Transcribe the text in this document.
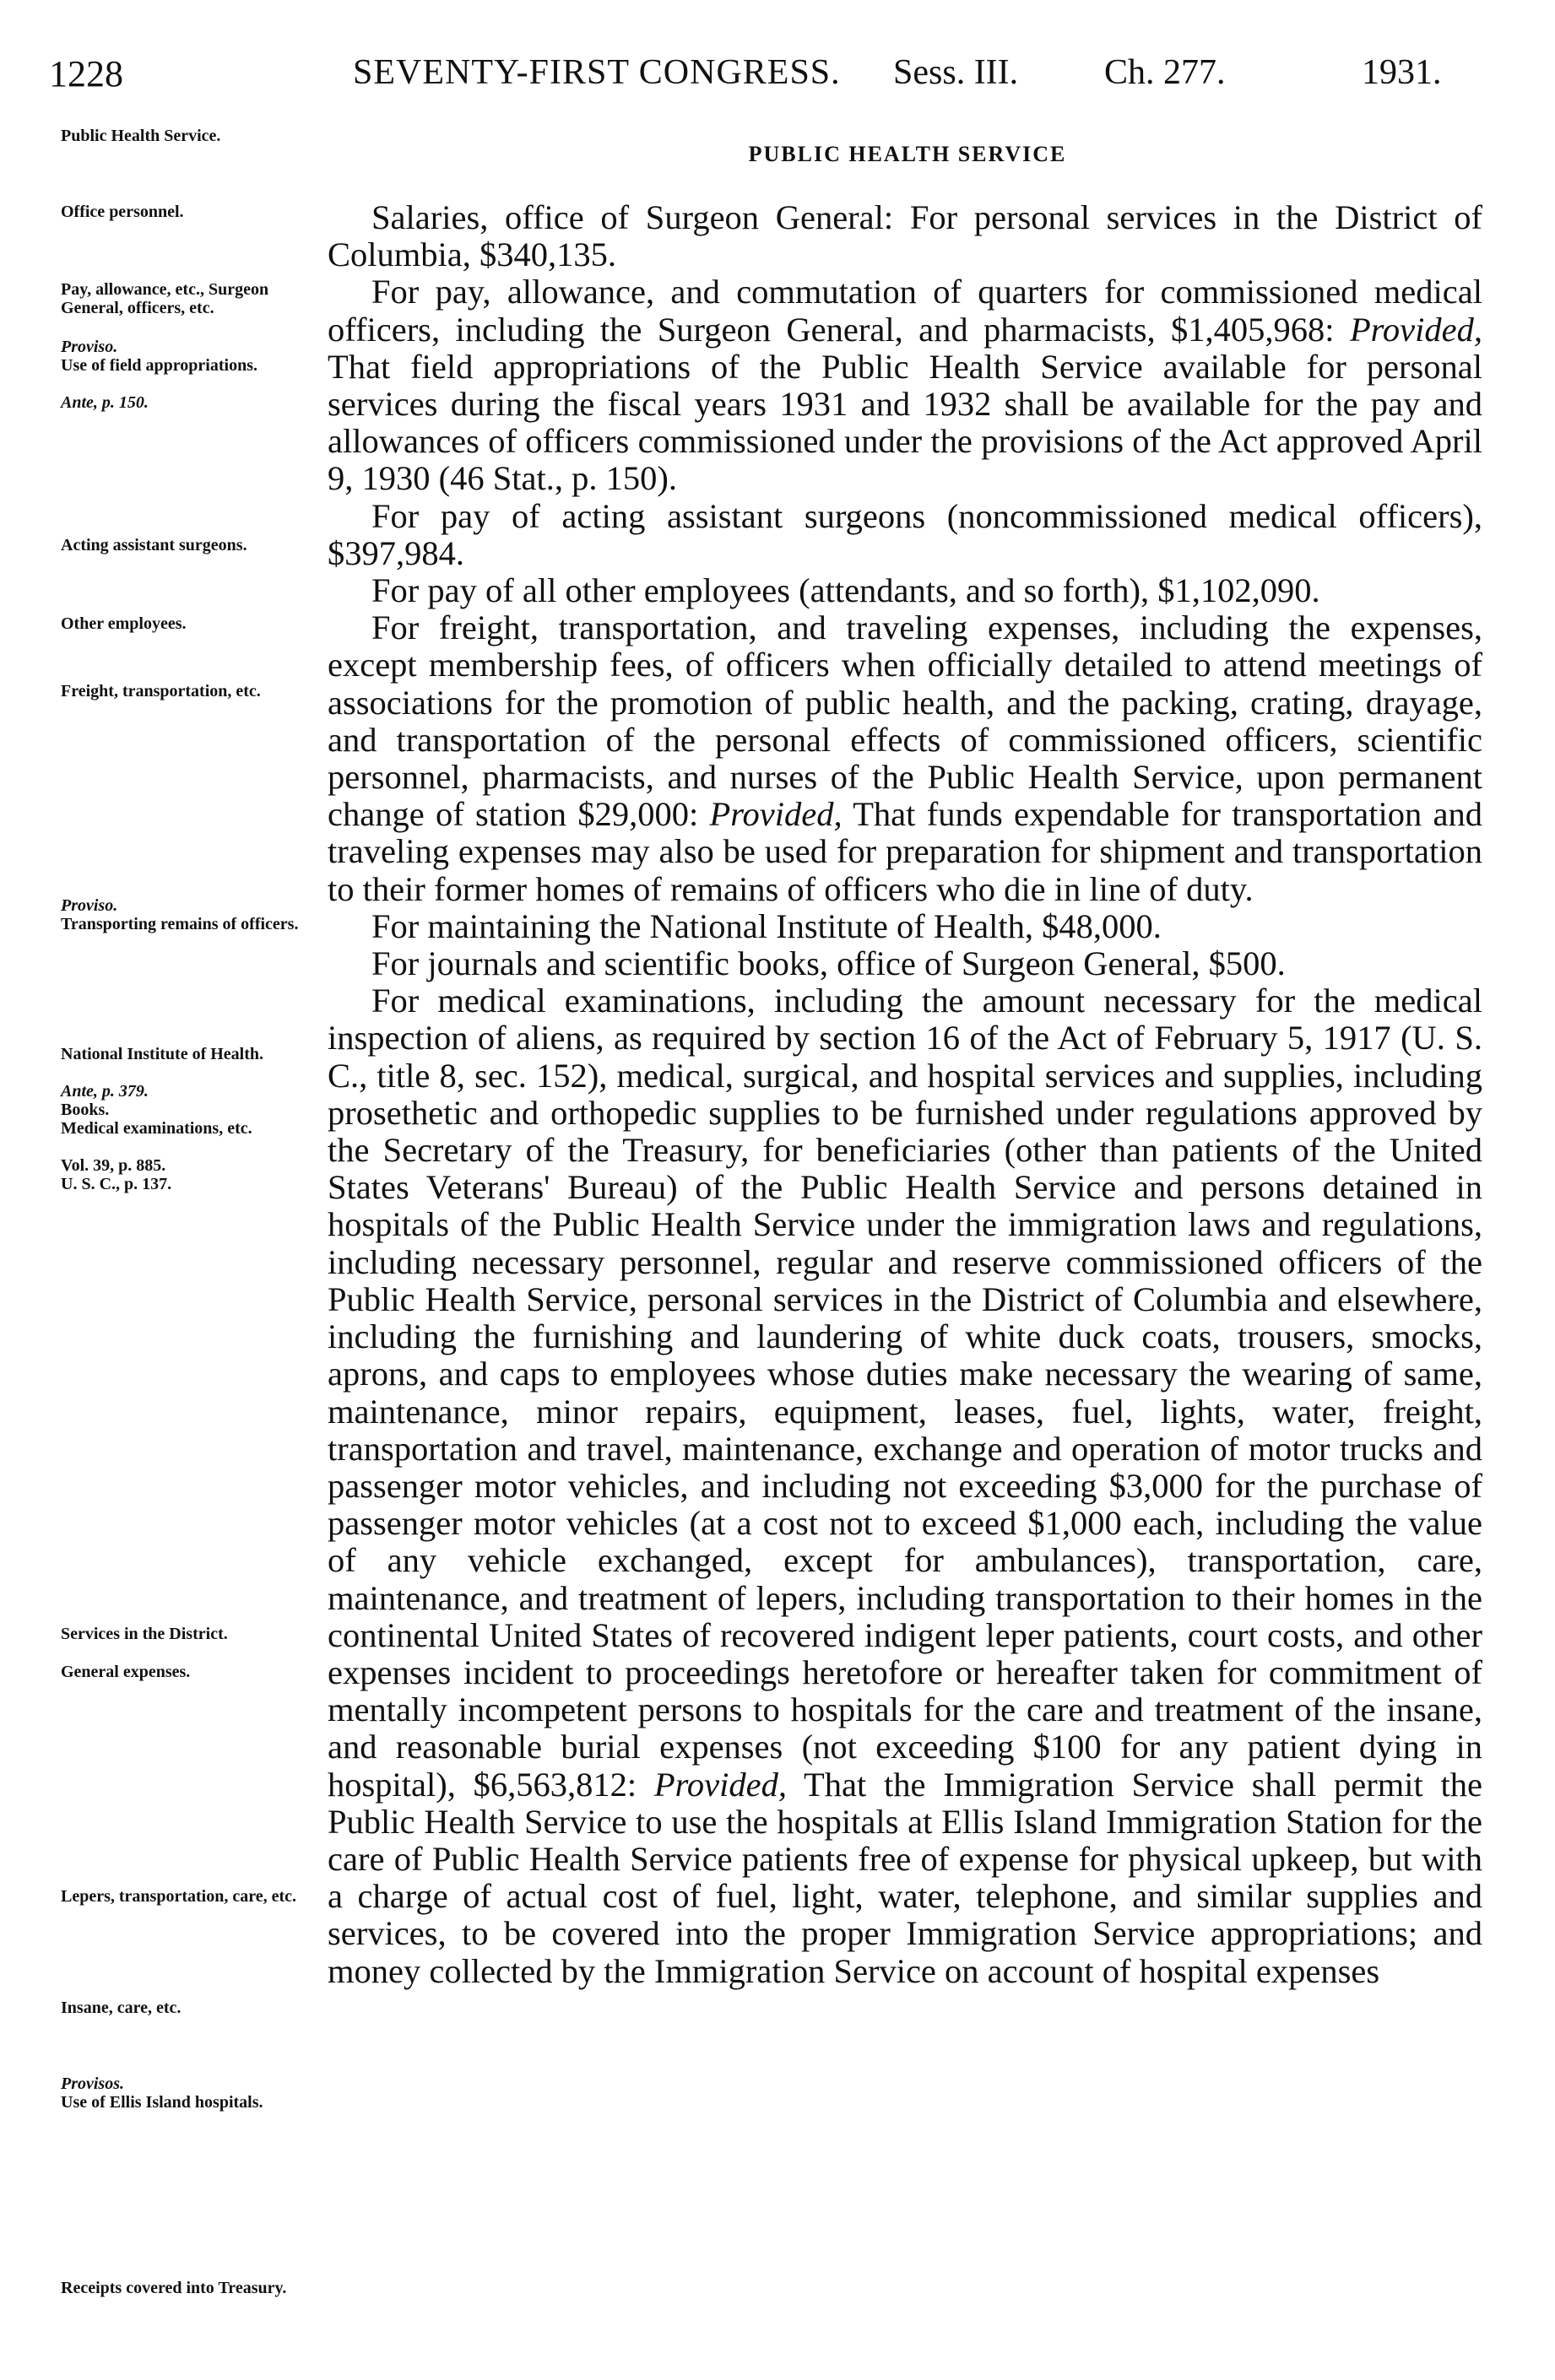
1228	SEVENTY-FIRST CONGRESS. Sess. III. Ch. 277.	1931.
PUBLIC HEALTH SERVICE
Public Health Service.
Office personnel.
Pay, allowance, etc., Surgeon General, officers, etc.
Proviso.
Use of field appropriations.
Ante, p. 150.
Acting assistant surgeons.
Other employees.
Freight, transportation, etc.
Proviso.
Transporting remains of officers.
National Institute of Health.
Ante, p. 379.
Books.
Medical examinations, etc.
Vol. 39, p. 885.
U. S. C., p. 137.
Services in the District.
General expenses.
Lepers, transportation, care, etc.
Insane, care, etc.
Provisos.
Use of Ellis Island hospitals.
Receipts covered into Treasury.

Salaries, office of Surgeon General: For personal services in the District of Columbia, $340,135.

For pay, allowance, and commutation of quarters for commissioned medical officers, including the Surgeon General, and pharmacists, $1,405,968: Provided, That field appropriations of the Public Health Service available for personal services during the fiscal years 1931 and 1932 shall be available for the pay and allowances of officers commissioned under the provisions of the Act approved April 9, 1930 (46 Stat., p. 150).

For pay of acting assistant surgeons (noncommissioned medical officers), $397,984.

For pay of all other employees (attendants, and so forth), $1,102,090.

For freight, transportation, and traveling expenses, including the expenses, except membership fees, of officers when officially detailed to attend meetings of associations for the promotion of public health, and the packing, crating, drayage, and transportation of the personal effects of commissioned officers, scientific personnel, pharmacists, and nurses of the Public Health Service, upon permanent change of station $29,000: Provided, That funds expendable for transportation and traveling expenses may also be used for preparation for shipment and transportation to their former homes of remains of officers who die in line of duty.

For maintaining the National Institute of Health, $48,000.

For journals and scientific books, office of Surgeon General, $500.

For medical examinations, including the amount necessary for the medical inspection of aliens, as required by section 16 of the Act of February 5, 1917 (U. S. C., title 8, sec. 152), medical, surgical, and hospital services and supplies, including prosethetic and orthopedic supplies to be furnished under regulations approved by the Secretary of the Treasury, for beneficiaries (other than patients of the United States Veterans' Bureau) of the Public Health Service and persons detained in hospitals of the Public Health Service under the immigration laws and regulations, including necessary personnel, regular and reserve commissioned officers of the Public Health Service, personal services in the District of Columbia and elsewhere, including the furnishing and laundering of white duck coats, trousers, smocks, aprons, and caps to employees whose duties make necessary the wearing of same, maintenance, minor repairs, equipment, leases, fuel, lights, water, freight, transportation and travel, maintenance, exchange and operation of motor trucks and passenger motor vehicles, and including not exceeding $3,000 for the purchase of passenger motor vehicles (at a cost not to exceed $1,000 each, including the value of any vehicle exchanged, except for ambulances), transportation, care, maintenance, and treatment of lepers, including transportation to their homes in the continental United States of recovered indigent leper patients, court costs, and other expenses incident to proceedings heretofore or hereafter taken for commitment of mentally incompetent persons to hospitals for the care and treatment of the insane, and reasonable burial expenses (not exceeding $100 for any patient dying in hospital), $6,563,812: Provided, That the Immigration Service shall permit the Public Health Service to use the hospitals at Ellis Island Immigration Station for the care of Public Health Service patients free of expense for physical upkeep, but with a charge of actual cost of fuel, light, water, telephone, and similar supplies and services, to be covered into the proper Immigration Service appropriations; and money collected by the Immigration Service on account of hospital expenses
